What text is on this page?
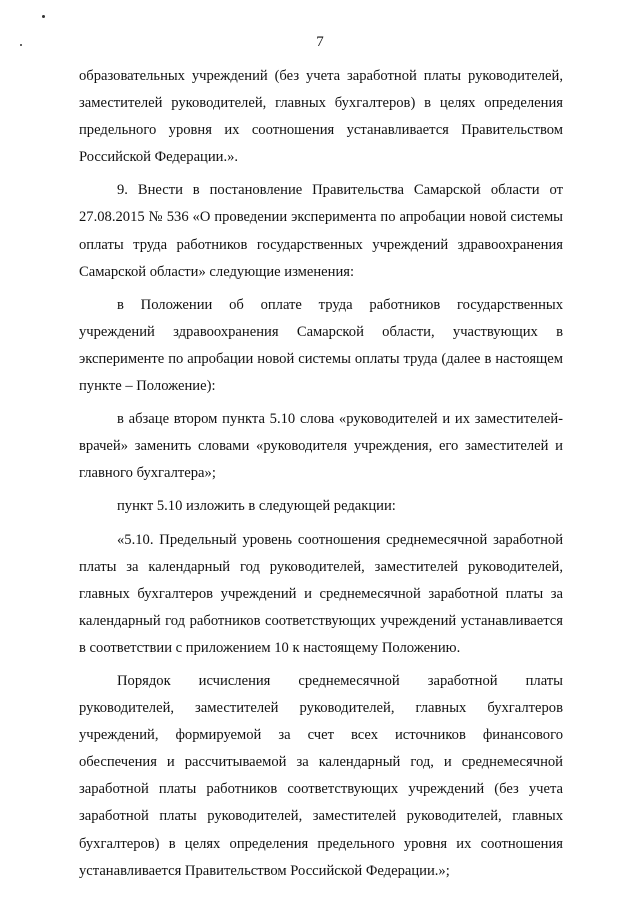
7

образовательных учреждений (без учета заработной платы руководителей, заместителей руководителей, главных бухгалтеров) в целях определения предельного уровня их соотношения устанавливается Правительством Российской Федерации.».

9. Внести в постановление Правительства Самарской области от 27.08.2015 № 536 «О проведении эксперимента по апробации новой системы оплаты труда работников государственных учреждений здравоохранения Самарской области» следующие изменения:

в Положении об оплате труда работников государственных учреждений здравоохранения Самарской области, участвующих в эксперименте по апробации новой системы оплаты труда (далее в настоящем пункте – Положение):

в абзаце втором пункта 5.10 слова «руководителей и их заместителей-врачей» заменить словами «руководителя учреждения, его заместителей и главного бухгалтера»;

пункт 5.10 изложить в следующей редакции:

«5.10. Предельный уровень соотношения среднемесячной заработной платы за календарный год руководителей, заместителей руководителей, главных бухгалтеров учреждений и среднемесячной заработной платы за календарный год работников соответствующих учреждений устанавливается в соответствии с приложением 10 к настоящему Положению.

Порядок исчисления среднемесячной заработной платы руководителей, заместителей руководителей, главных бухгалтеров учреждений, формируемой за счет всех источников финансового обеспечения и рассчитываемой за календарный год, и среднемесячной заработной платы работников соответствующих учреждений (без учета заработной платы руководителей, заместителей руководителей, главных бухгалтеров) в целях определения предельного уровня их соотношения устанавливается Правительством Российской Федерации.»;
